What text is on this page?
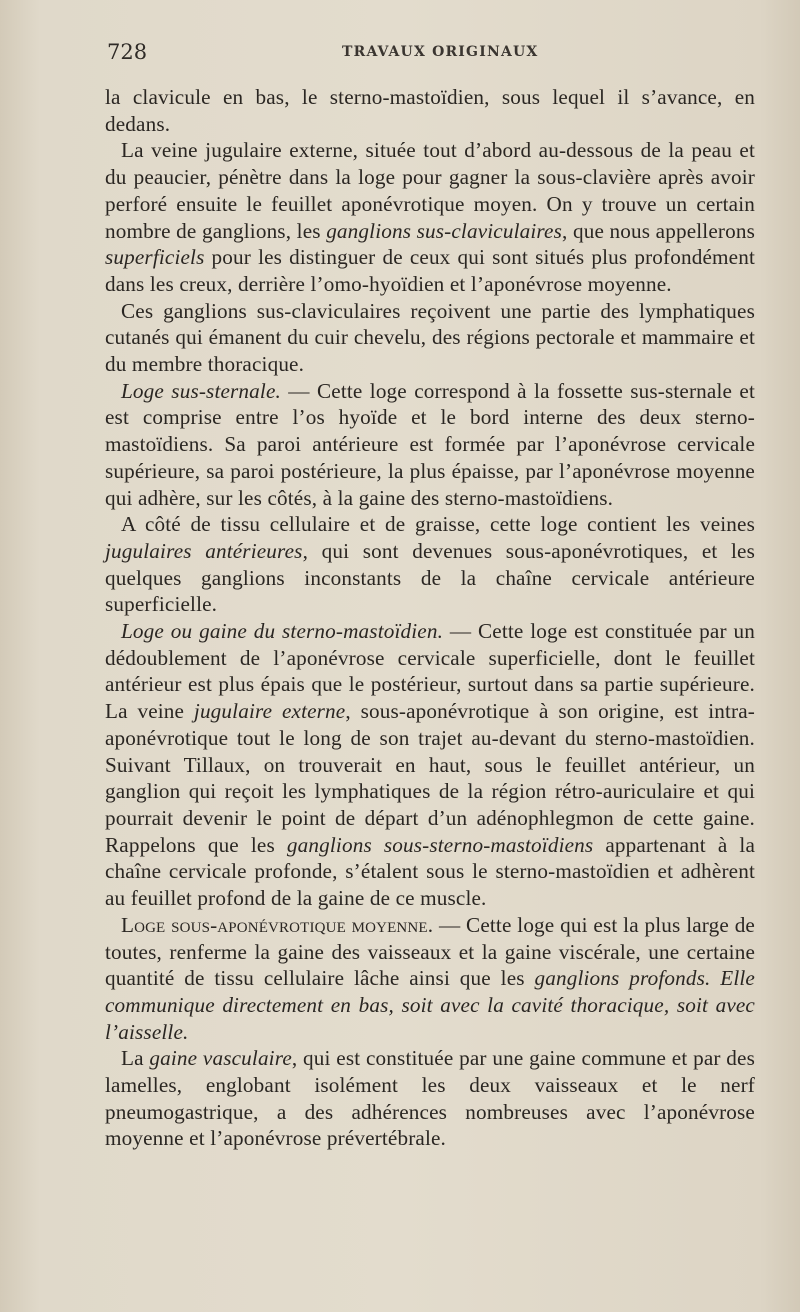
728	TRAVAUX ORIGINAUX

la clavicule en bas, le sterno-mastoïdien, sous lequel il s’avance, en dedans.

La veine jugulaire externe, située tout d’abord au-dessous de la peau et du peaucier, pénètre dans la loge pour gagner la sous-clavière après avoir perforé ensuite le feuillet aponévrotique moyen. On y trouve un certain nombre de ganglions, les ganglions sus-claviculaires, que nous appellerons superficiels pour les distinguer de ceux qui sont situés plus profondément dans les creux, derrière l’omo-hyoïdien et l’aponévrose moyenne.

Ces ganglions sus-claviculaires reçoivent une partie des lymphatiques cutanés qui émanent du cuir chevelu, des régions pectorale et mammaire et du membre thoracique.

Loge sus-sternale. — Cette loge correspond à la fossette sus-sternale et est comprise entre l’os hyoïde et le bord interne des deux sterno-mastoïdiens. Sa paroi antérieure est formée par l’aponévrose cervicale supérieure, sa paroi postérieure, la plus épaisse, par l’aponévrose moyenne qui adhère, sur les côtés, à la gaine des sterno-mastoïdiens.

A côté de tissu cellulaire et de graisse, cette loge contient les veines jugulaires antérieures, qui sont devenues sous-aponévrotiques, et les quelques ganglions inconstants de la chaîne cervicale antérieure superficielle.

Loge ou gaine du sterno-mastoïdien. — Cette loge est constituée par un dédoublement de l’aponévrose cervicale superficielle, dont le feuillet antérieur est plus épais que le postérieur, surtout dans sa partie supérieure. La veine jugulaire externe, sous-aponévrotique à son origine, est intra-aponévrotique tout le long de son trajet au-devant du sterno-mastoïdien. Suivant Tillaux, on trouverait en haut, sous le feuillet antérieur, un ganglion qui reçoit les lymphatiques de la région rétro-auriculaire et qui pourrait devenir le point de départ d’un adénophlegmon de cette gaine. Rappelons que les ganglions sous-sterno-mastoïdiens appartenant à la chaîne cervicale profonde, s’étalent sous le sterno-mastoïdien et adhèrent au feuillet profond de la gaine de ce muscle.

Loge sous-aponévrotique moyenne. — Cette loge qui est la plus large de toutes, renferme la gaine des vaisseaux et la gaine viscérale, une certaine quantité de tissu cellulaire lâche ainsi que les ganglions profonds. Elle communique directement en bas, soit avec la cavité thoracique, soit avec l’aisselle.

La gaine vasculaire, qui est constituée par une gaine commune et par des lamelles, englobant isolément les deux vaisseaux et le nerf pneumogastrique, a des adhérences nombreuses avec l’aponévrose moyenne et l’aponévrose prévertébrale.
